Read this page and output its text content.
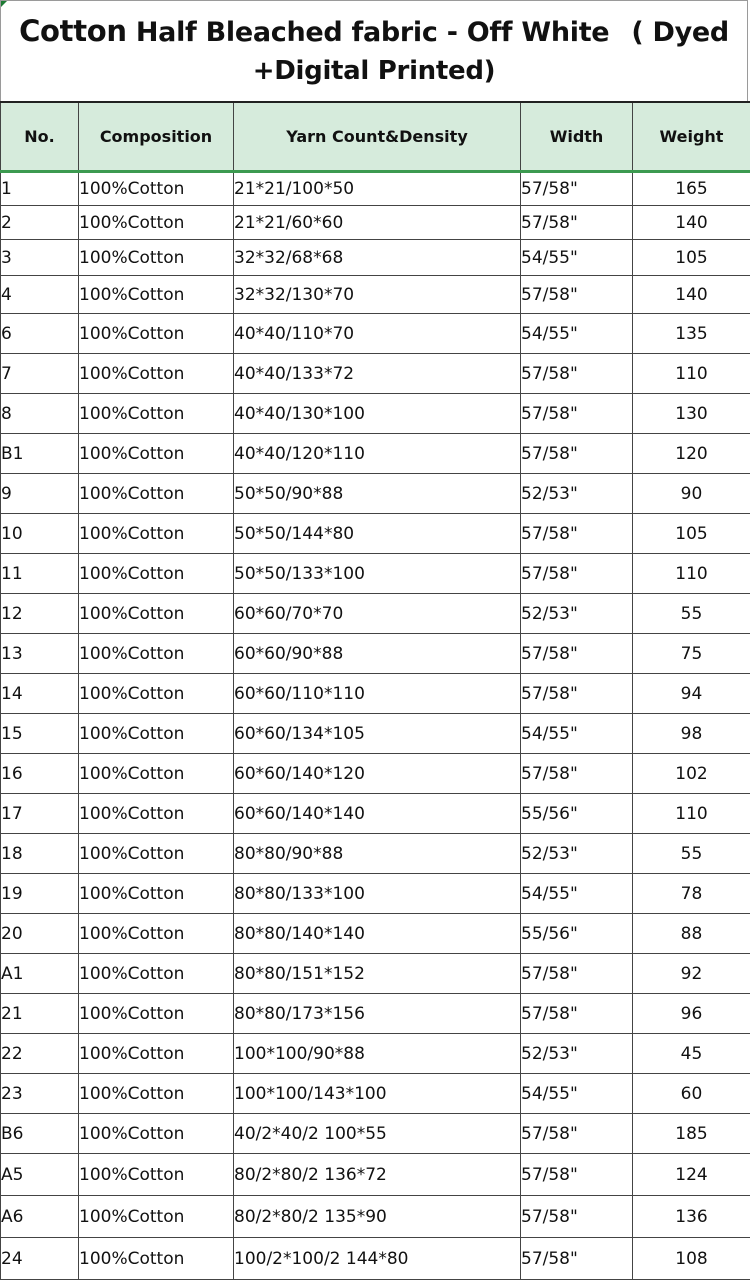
Cotton Half Bleached fabric - Off White ( Dyed
+Digital Printed)
No.	Composition	Yarn Count&Density	Width	Weight
1	100%Cotton	21*21/100*50	57/58"	165
2	100%Cotton	21*21/60*60	57/58"	140
3	100%Cotton	32*32/68*68	54/55"	105
4	100%Cotton	32*32/130*70	57/58"	140
6	100%Cotton	40*40/110*70	54/55"	135
7	100%Cotton	40*40/133*72	57/58"	110
8	100%Cotton	40*40/130*100	57/58"	130
B1	100%Cotton	40*40/120*110	57/58"	120
9	100%Cotton	50*50/90*88	52/53"	90
10	100%Cotton	50*50/144*80	57/58"	105
11	100%Cotton	50*50/133*100	57/58"	110
12	100%Cotton	60*60/70*70	52/53"	55
13	100%Cotton	60*60/90*88	57/58"	75
14	100%Cotton	60*60/110*110	57/58"	94
15	100%Cotton	60*60/134*105	54/55"	98
16	100%Cotton	60*60/140*120	57/58"	102
17	100%Cotton	60*60/140*140	55/56"	110
18	100%Cotton	80*80/90*88	52/53"	55
19	100%Cotton	80*80/133*100	54/55"	78
20	100%Cotton	80*80/140*140	55/56"	88
A1	100%Cotton	80*80/151*152	57/58"	92
21	100%Cotton	80*80/173*156	57/58"	96
22	100%Cotton	100*100/90*88	52/53"	45
23	100%Cotton	100*100/143*100	54/55"	60
B6	100%Cotton	40/2*40/2 100*55	57/58"	185
A5	100%Cotton	80/2*80/2 136*72	57/58"	124
A6	100%Cotton	80/2*80/2 135*90	57/58"	136
24	100%Cotton	100/2*100/2 144*80	57/58"	108
